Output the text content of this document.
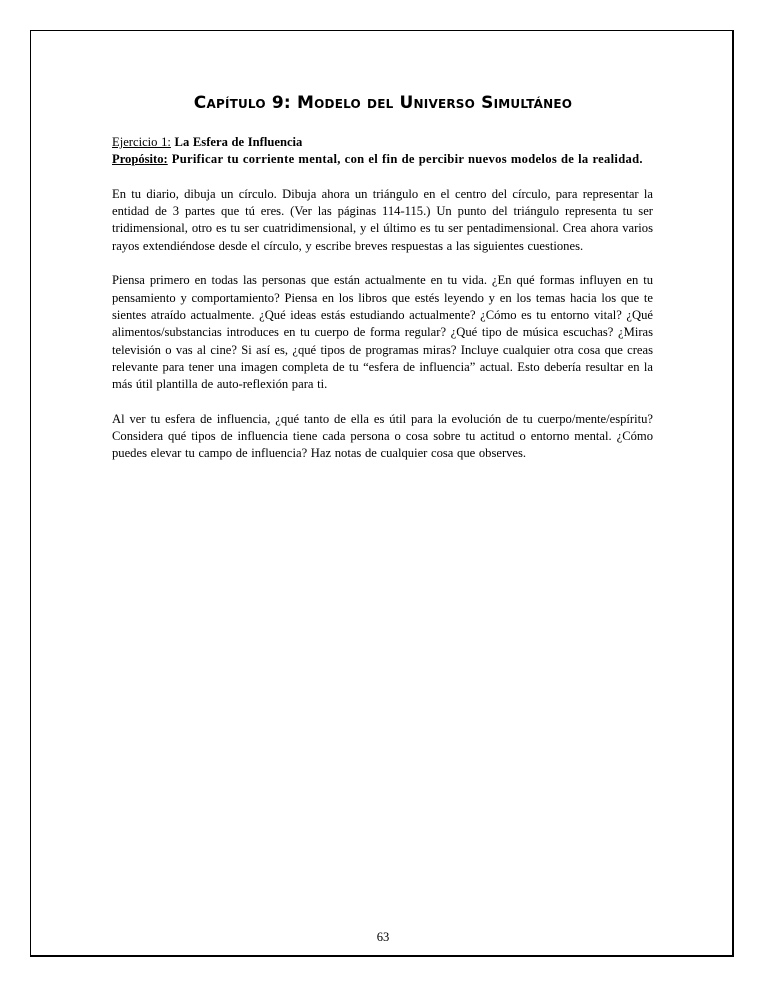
Capítulo 9: Modelo del Universo Simultáneo

Ejercicio 1: La Esfera de Influencia

Propósito: Purificar tu corriente mental, con el fin de percibir nuevos modelos de la realidad.

En tu diario, dibuja un círculo. Dibuja ahora un triángulo en el centro del círculo, para representar la entidad de 3 partes que tú eres. (Ver las páginas 114-115.) Un punto del triángulo representa tu ser tridimensional, otro es tu ser cuatridimensional, y el último es tu ser pentadimensional. Crea ahora varios rayos extendiéndose desde el círculo, y escribe breves respuestas a las siguientes cuestiones.

Piensa primero en todas las personas que están actualmente en tu vida. ¿En qué formas influyen en tu pensamiento y comportamiento? Piensa en los libros que estés leyendo y en los temas hacia los que te sientes atraído actualmente. ¿Qué ideas estás estudiando actualmente? ¿Cómo es tu entorno vital? ¿Qué alimentos/substancias introduces en tu cuerpo de forma regular? ¿Qué tipo de música escuchas? ¿Miras televisión o vas al cine? Si así es, ¿qué tipos de programas miras? Incluye cualquier otra cosa que creas relevante para tener una imagen completa de tu “esfera de influencia” actual. Esto debería resultar en la más útil plantilla de auto-reflexión para ti.

Al ver tu esfera de influencia, ¿qué tanto de ella es útil para la evolución de tu cuerpo/mente/espíritu? Considera qué tipos de influencia tiene cada persona o cosa sobre tu actitud o entorno mental. ¿Cómo puedes elevar tu campo de influencia? Haz notas de cualquier cosa que observes.

63
